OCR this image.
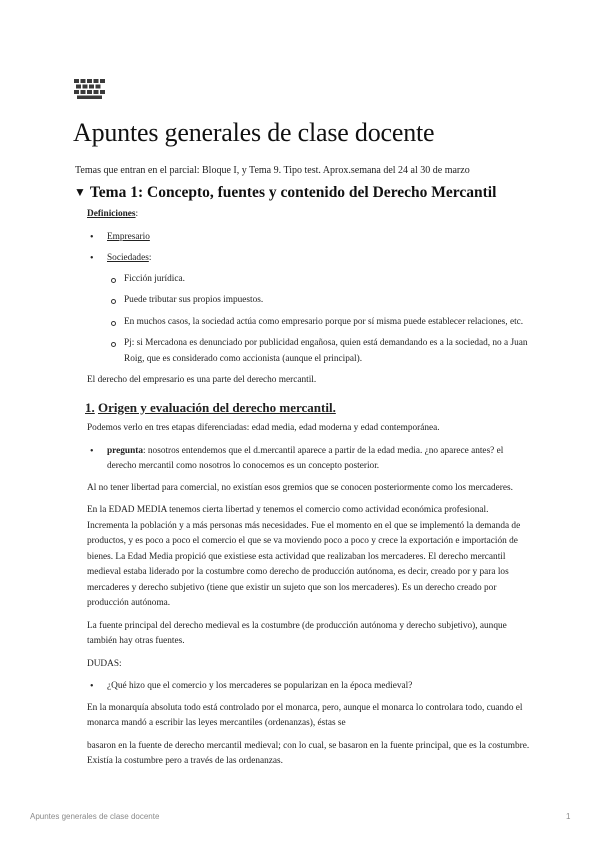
Apuntes generales de clase docente
Temas que entran en el parcial: Bloque I, y Tema 9. Tipo test. Aprox.semana del 24 al 30 de marzo
▼ Tema 1: Concepto, fuentes y contenido del Derecho Mercantil

Definiciones:

• Empresario
• Sociedades:
Ficción jurídica.
Puede tributar sus propios impuestos.
En muchos casos, la sociedad actúa como empresario porque por sí misma puede establecer relaciones, etc.
Pj: si Mercadona es denunciado por publicidad engañosa, quien está demandando es a la sociedad, no a Juan Roig, que es considerado como accionista (aunque el principal).

El derecho del empresario es una parte del derecho mercantil.

1. Origen y evaluación del derecho mercantil.

Podemos verlo en tres etapas diferenciadas: edad media, edad moderna y edad contemporánea.

• pregunta: nosotros entendemos que el d.mercantil aparece a partir de la edad media. ¿no aparece antes? el derecho mercantil como nosotros lo conocemos es un concepto posterior.

Al no tener libertad para comercial, no existían esos gremios que se conocen posteriormente como los mercaderes.

En la EDAD MEDIA tenemos cierta libertad y tenemos el comercio como actividad económica profesional. Incrementa la población y a más personas más necesidades. Fue el momento en el que se implementó la demanda de productos, y es poco a poco el comercio el que se va moviendo poco a poco y crece la exportación e importación de bienes. La Edad Media propició que existiese esta actividad que realizaban los mercaderes. El derecho mercantil medieval estaba liderado por la costumbre como derecho de producción autónoma, es decir, creado por y para los mercaderes y derecho subjetivo (tiene que existir un sujeto que son los mercaderes). Es un derecho creado por producción autónoma.

La fuente principal del derecho medieval es la costumbre (de producción autónoma y derecho subjetivo), aunque también hay otras fuentes.

DUDAS:

• ¿Qué hizo que el comercio y los mercaderes se popularizan en la época medieval?

En la monarquía absoluta todo está controlado por el monarca, pero, aunque el monarca lo controlara todo, cuando el monarca mandó a escribir las leyes mercantiles (ordenanzas), éstas se

basaron en la fuente de derecho mercantil medieval; con lo cual, se basaron en la fuente principal, que es la costumbre. Existía la costumbre pero a través de las ordenanzas.

Apuntes generales de clase docente	1
